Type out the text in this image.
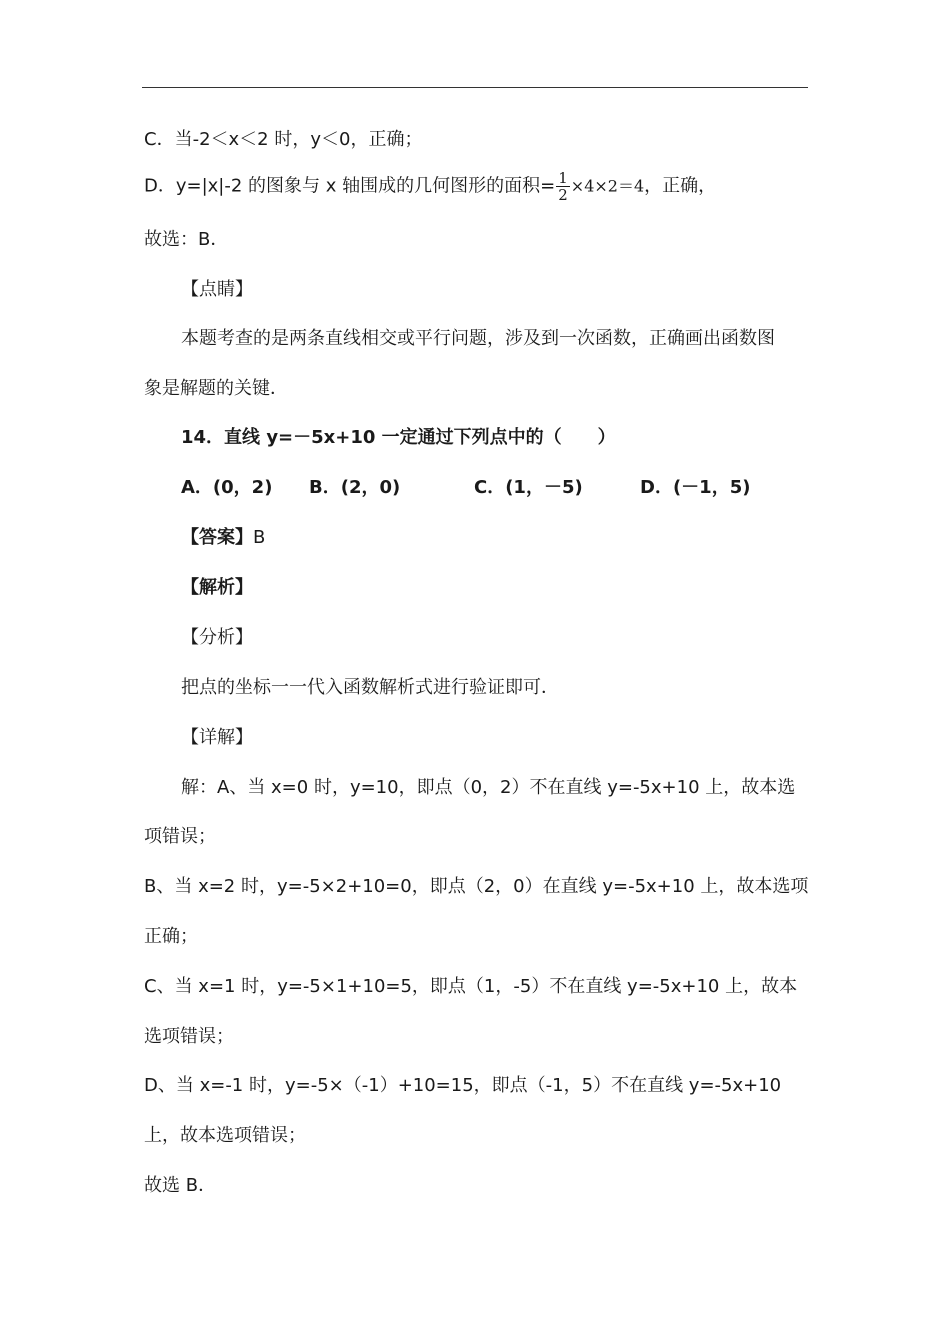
C．当-2＜x＜2 时，y＜0，正确；
D．y=|x|-2 的图象与 x 轴围成的几何图形的面积= $\frac{1}{2} \times 4\times 2=4$，正确，
故选：B．
【点睛】
本题考查的是两条直线相交或平行问题，涉及到一次函数，正确画出函数图
象是解题的关键．
14．直线 y=－5x+10 一定通过下列点中的（　　）
A．(0，2) B．(2，0)	C．(1，－5)	D．(－1，5)
【答案】B
【解析】
【分析】
把点的坐标一一代入函数解析式进行验证即可．
【详解】
解：A、当 x=0 时，y=10，即点（0，2）不在直线 y=-5x+10 上，故本选
项错误；
B、当 x=2 时，y=-5×2+10=0，即点（2，0）在直线 y=-5x+10 上，故本选项
正确；
C、当 x=1 时，y=-5×1+10=5，即点（1，-5）不在直线 y=-5x+10 上，故本
选项错误；
D、当 x=-1 时，y=-5×（-1）+10=15，即点（-1，5）不在直线 y=-5x+10
上，故本选项错误；
故选 B．
